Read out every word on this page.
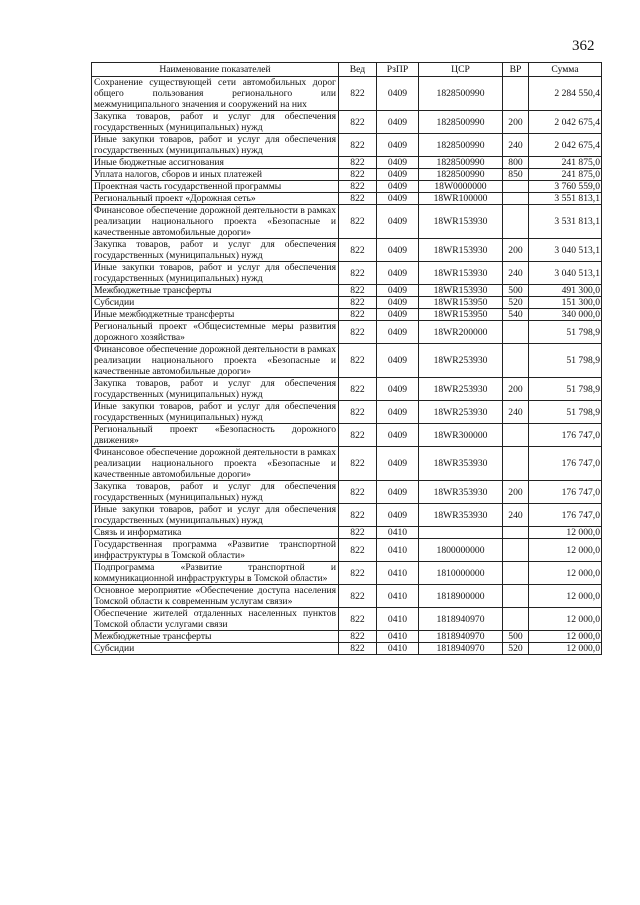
362
Наименование показателей	Вед	РзПР	ЦСР	ВР	Сумма
Сохранение существующей сети автомобильных дорог общего пользования регионального или межмуниципального значения и сооружений на них	822	0409	1828500990		2 284 550,4
Закупка товаров, работ и услуг для обеспечения государственных (муниципальных) нужд	822	0409	1828500990	200	2 042 675,4
Иные закупки товаров, работ и услуг для обеспечения государственных (муниципальных) нужд	822	0409	1828500990	240	2 042 675,4
Иные бюджетные ассигнования	822	0409	1828500990	800	241 875,0
Уплата налогов, сборов и иных платежей	822	0409	1828500990	850	241 875,0
Проектная часть государственной программы	822	0409	18W0000000		3 760 559,0
Региональный проект «Дорожная сеть»	822	0409	18WR100000		3 551 813,1
Финансовое обеспечение дорожной деятельности в рамках реализации национального проекта «Безопасные и качественные автомобильные дороги»	822	0409	18WR153930		3 531 813,1
Закупка товаров, работ и услуг для обеспечения государственных (муниципальных) нужд	822	0409	18WR153930	200	3 040 513,1
Иные закупки товаров, работ и услуг для обеспечения государственных (муниципальных) нужд	822	0409	18WR153930	240	3 040 513,1
Межбюджетные трансферты	822	0409	18WR153930	500	491 300,0
Субсидии	822	0409	18WR153950	520	151 300,0
Иные межбюджетные трансферты	822	0409	18WR153950	540	340 000,0
Региональный проект «Общесистемные меры развития дорожного хозяйства»	822	0409	18WR200000		51 798,9
Финансовое обеспечение дорожной деятельности в рамках реализации национального проекта «Безопасные и качественные автомобильные дороги»	822	0409	18WR253930		51 798,9
Закупка товаров, работ и услуг для обеспечения государственных (муниципальных) нужд	822	0409	18WR253930	200	51 798,9
Иные закупки товаров, работ и услуг для обеспечения государственных (муниципальных) нужд	822	0409	18WR253930	240	51 798,9
Региональный проект «Безопасность дорожного движения»	822	0409	18WR300000		176 747,0
Финансовое обеспечение дорожной деятельности в рамках реализации национального проекта «Безопасные и качественные автомобильные дороги»	822	0409	18WR353930		176 747,0
Закупка товаров, работ и услуг для обеспечения государственных (муниципальных) нужд	822	0409	18WR353930	200	176 747,0
Иные закупки товаров, работ и услуг для обеспечения государственных (муниципальных) нужд	822	0409	18WR353930	240	176 747,0
Связь и информатика	822	0410			12 000,0
Государственная программа «Развитие транспортной инфраструктуры в Томской области»	822	0410	1800000000		12 000,0
Подпрограмма «Развитие транспортной и коммуникационной инфраструктуры в Томской области»	822	0410	1810000000		12 000,0
Основное мероприятие «Обеспечение доступа населения Томской области к современным услугам связи»	822	0410	1818900000		12 000,0
Обеспечение жителей отдаленных населенных пунктов Томской области услугами связи	822	0410	1818940970		12 000,0
Межбюджетные трансферты	822	0410	1818940970	500	12 000,0
Субсидии	822	0410	1818940970	520	12 000,0
